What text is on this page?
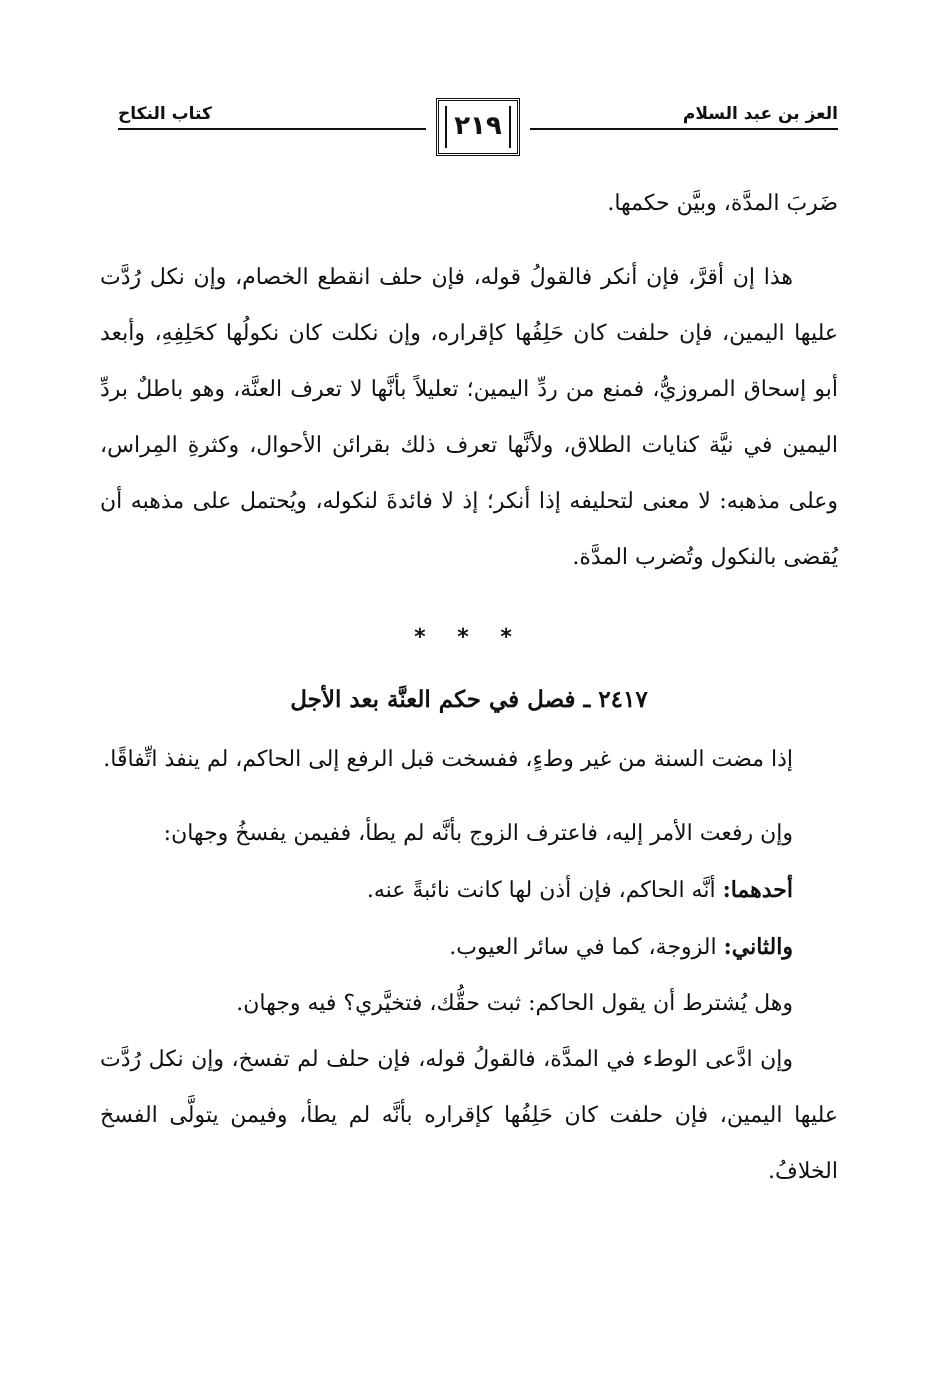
العز بن عبد السلام
٢١٩
كتاب النكاح

ضَربَ المدَّة، وبيَّن حكمها.

هذا إن أقرَّ، فإن أنكر فالقولُ قوله، فإن حلف انقطع الخصام، وإن نكل رُدَّت عليها اليمين، فإن حلفت كان حَلِفُها كإقراره، وإن نكلت كان نكولُها كحَلِفِهِ، وأبعد أبو إسحاق المروزيُّ، فمنع من ردِّ اليمين؛ تعليلاً بأنَّها لا تعرف العنَّة، وهو باطلٌ بردِّ اليمين في نيَّة كنايات الطلاق، ولأنَّها تعرف ذلك بقرائن الأحوال، وكثرةِ المِراس، وعلى مذهبه: لا معنى لتحليفه إذا أنكر؛ إذ لا فائدةَ لنكوله، ويُحتمل على مذهبه أن يُقضى بالنكول وتُضرب المدَّة.

* * *
٢٤١٧ ـ فصل في حكم العنَّة بعد الأجل

إذا مضت السنة من غير وطءٍ، ففسخت قبل الرفع إلى الحاكم، لم ينفذ اتِّفاقًا.

وإن رفعت الأمر إليه، فاعترف الزوج بأنَّه لم يطأ، ففيمن يفسخُ وجهان:

أحدهما: أنَّه الحاكم، فإن أذن لها كانت نائبةً عنه.

والثاني: الزوجة، كما في سائر العيوب.

وهل يُشترط أن يقول الحاكم: ثبت حقُّك، فتخيَّري؟ فيه وجهان.

وإن ادَّعى الوطء في المدَّة، فالقولُ قوله، فإن حلف لم تفسخ، وإن نكل رُدَّت عليها اليمين، فإن حلفت كان حَلِفُها كإقراره بأنَّه لم يطأ، وفيمن يتولَّى الفسخ الخلافُ.
